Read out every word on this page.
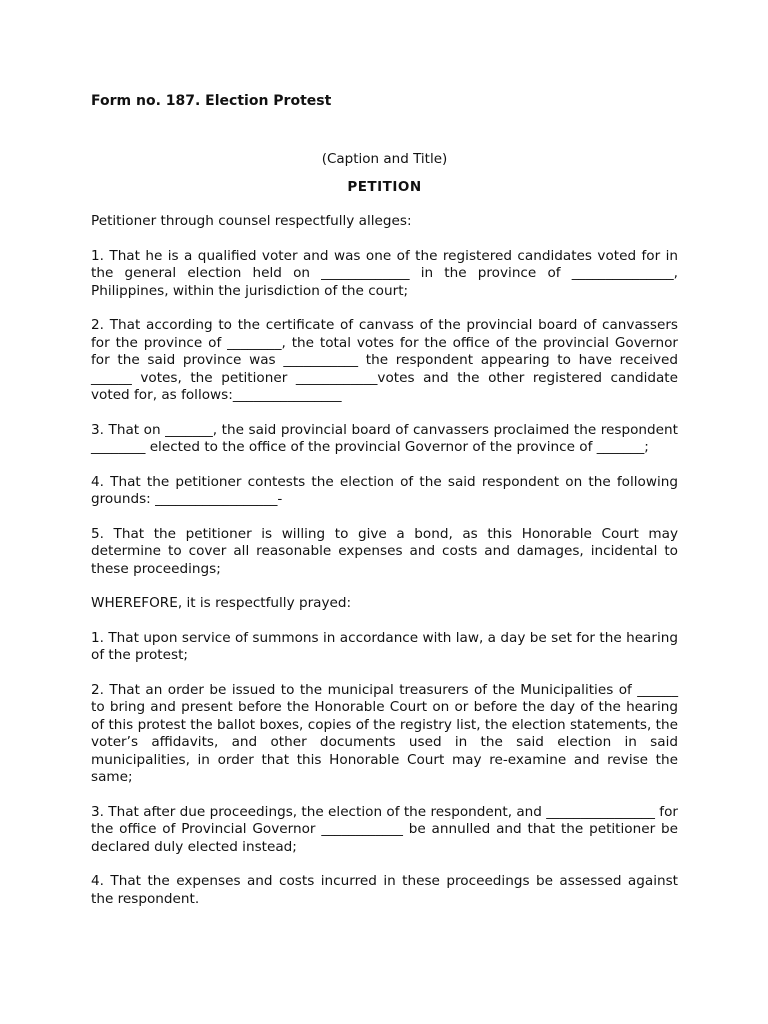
Form no. 187. Election Protest
(Caption and Title)
PETITION

Petitioner through counsel respectfully alleges:

1. That he is a qualified voter and was one of the registered candidates voted for in the general election held on _____________ in the province of _______________, Philippines, within the jurisdiction of the court;

2. That according to the certificate of canvass of the provincial board of canvassers for the province of ________, the total votes for the office of the provincial Governor for the said province was ___________ the respondent appearing to have received ______ votes, the petitioner ____________votes and the other registered candidate voted for, as follows:________________

3. That on _______, the said provincial board of canvassers proclaimed the respondent ________ elected to the office of the provincial Governor of the province of _______;

4. That the petitioner contests the election of the said respondent on the following grounds: __________________-

5. That the petitioner is willing to give a bond, as this Honorable Court may determine to cover all reasonable expenses and costs and damages, incidental to these proceedings;

WHEREFORE, it is respectfully prayed:

1. That upon service of summons in accordance with law, a day be set for the hearing of the protest;

2. That an order be issued to the municipal treasurers of the Municipalities of ______ to bring and present before the Honorable Court on or before the day of the hearing of this protest the ballot boxes, copies of the registry list, the election statements, the voter’s affidavits, and other documents used in the said election in said municipalities, in order that this Honorable Court may re-examine and revise the same;

3. That after due proceedings, the election of the respondent, and ________________ for the office of Provincial Governor ____________ be annulled and that the petitioner be declared duly elected instead;

4. That the expenses and costs incurred in these proceedings be assessed against the respondent.
